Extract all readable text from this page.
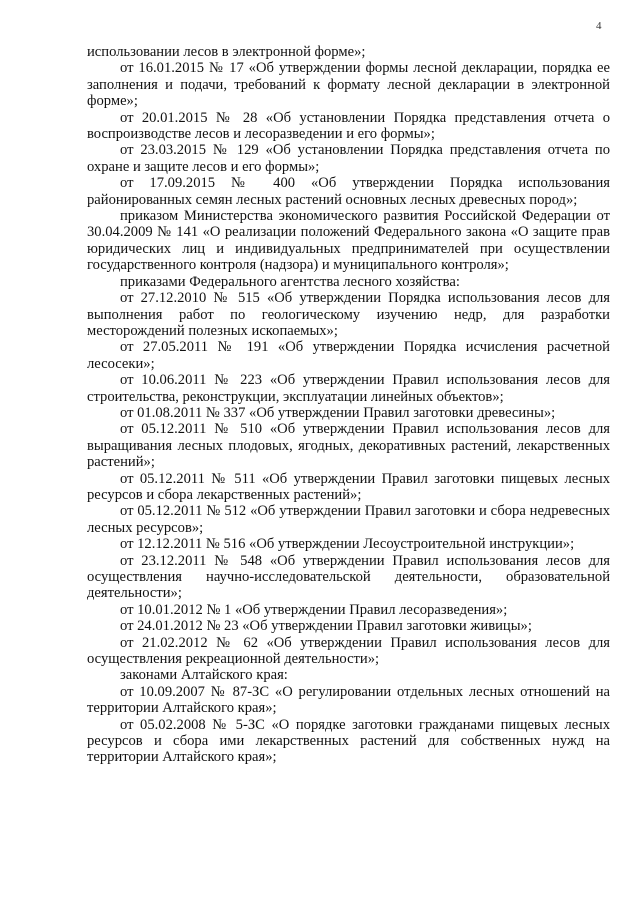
4

использовании лесов в электронной форме»;

от 16.01.2015 № 17 «Об утверждении формы лесной декларации, порядка ее заполнения и подачи, требований к формату лесной декларации в электронной форме»;

от 20.01.2015 № 28 «Об установлении Порядка представления отчета о воспроизводстве лесов и лесоразведении и его формы»;

от 23.03.2015 № 129 «Об установлении Порядка представления отчета по охране и защите лесов и его формы»;

от 17.09.2015 № 400 «Об утверждении Порядка использования районированных семян лесных растений основных лесных древесных пород»;

приказом Министерства экономического развития Российской Федерации от 30.04.2009 № 141 «О реализации положений Федерального закона «О защите прав юридических лиц и индивидуальных предпринимателей при осуществлении государственного контроля (надзора) и муниципального контроля»;

приказами Федерального агентства лесного хозяйства:

от 27.12.2010 № 515 «Об утверждении Порядка использования лесов для выполнения работ по геологическому изучению недр, для разработки месторождений полезных ископаемых»;

от 27.05.2011 № 191 «Об утверждении Порядка исчисления расчетной лесосеки»;

от 10.06.2011 № 223 «Об утверждении Правил использования лесов для строительства, реконструкции, эксплуатации линейных объектов»;

от 01.08.2011 № 337 «Об утверждении Правил заготовки древесины»;

от 05.12.2011 № 510 «Об утверждении Правил использования лесов для выращивания лесных плодовых, ягодных, декоративных растений, лекарственных растений»;

от 05.12.2011 № 511 «Об утверждении Правил заготовки пищевых лесных ресурсов и сбора лекарственных растений»;

от 05.12.2011 № 512 «Об утверждении Правил заготовки и сбора недревесных лесных ресурсов»;

от 12.12.2011 № 516 «Об утверждении Лесоустроительной инструкции»;

от 23.12.2011 № 548 «Об утверждении Правил использования лесов для осуществления научно-исследовательской деятельности, образовательной деятельности»;

от 10.01.2012 № 1 «Об утверждении Правил лесоразведения»;

от 24.01.2012 № 23 «Об утверждении Правил заготовки живицы»;

от 21.02.2012 № 62 «Об утверждении Правил использования лесов для осуществления рекреационной деятельности»;

законами Алтайского края:

от 10.09.2007 № 87-ЗС «О регулировании отдельных лесных отношений на территории Алтайского края»;

от 05.02.2008 № 5-ЗС «О порядке заготовки гражданами пищевых лесных ресурсов и сбора ими лекарственных растений для собственных нужд на территории Алтайского края»;
